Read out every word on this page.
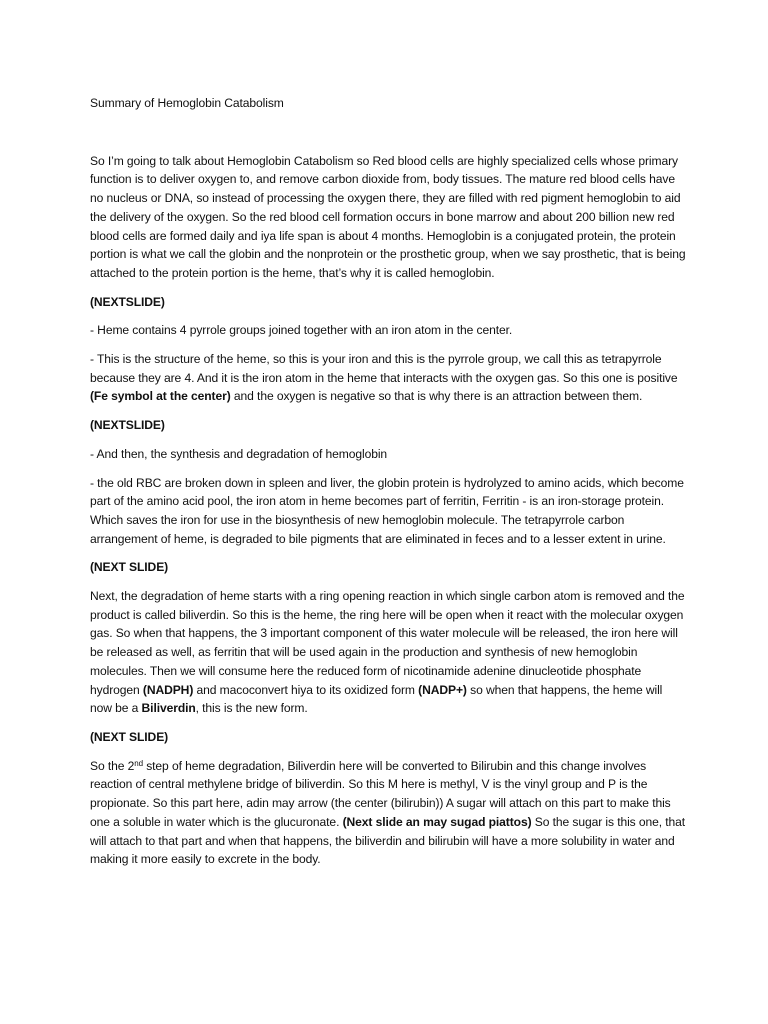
Summary of Hemoglobin Catabolism

So I’m going to talk about Hemoglobin Catabolism so Red blood cells are highly specialized cells whose primary function is to deliver oxygen to, and remove carbon dioxide from, body tissues. The mature red blood cells have no nucleus or DNA, so instead of processing the oxygen there, they are filled with red pigment hemoglobin to aid the delivery of the oxygen. So the red blood cell formation occurs in bone marrow and about 200 billion new red blood cells are formed daily and iya life span is about 4 months. Hemoglobin is a conjugated protein, the protein portion is what we call the globin and the nonprotein or the prosthetic group, when we say prosthetic, that is being attached to the protein portion is the heme, that’s why it is called hemoglobin.

(NEXTSLIDE)

- Heme contains 4 pyrrole groups joined together with an iron atom in the center.

- This is the structure of the heme, so this is your iron and this is the pyrrole group, we call this as tetrapyrrole because they are 4. And it is the iron atom in the heme that interacts with the oxygen gas. So this one is positive (Fe symbol at the center) and the oxygen is negative so that is why there is an attraction between them.

(NEXTSLIDE)

- And then, the synthesis and degradation of hemoglobin

- the old RBC are broken down in spleen and liver, the globin protein is hydrolyzed to amino acids, which become part of the amino acid pool, the iron atom in heme becomes part of ferritin, Ferritin - is an iron-storage protein. Which saves the iron for use in the biosynthesis of new hemoglobin molecule. The tetrapyrrole carbon arrangement of heme, is degraded to bile pigments that are eliminated in feces and to a lesser extent in urine.

(NEXT SLIDE)

Next, the degradation of heme starts with a ring opening reaction in which single carbon atom is removed and the product is called biliverdin. So this is the heme, the ring here will be open when it react with the molecular oxygen gas. So when that happens, the 3 important component of this water molecule will be released, the iron here will be released as well, as ferritin that will be used again in the production and synthesis of new hemoglobin molecules. Then we will consume here the reduced form of nicotinamide adenine dinucleotide phosphate hydrogen (NADPH) and macoconvert hiya to its oxidized form (NADP+) so when that happens, the heme will now be a Biliverdin, this is the new form.

(NEXT SLIDE)

So the 2nd step of heme degradation, Biliverdin here will be converted to Bilirubin and this change involves reaction of central methylene bridge of biliverdin. So this M here is methyl, V is the vinyl group and P is the propionate. So this part here, adin may arrow (the center (bilirubin)) A sugar will attach on this part to make this one a soluble in water which is the glucuronate. (Next slide an may sugad piattos) So the sugar is this one, that will attach to that part and when that happens, the biliverdin and bilirubin will have a more solubility in water and making it more easily to excrete in the body.
